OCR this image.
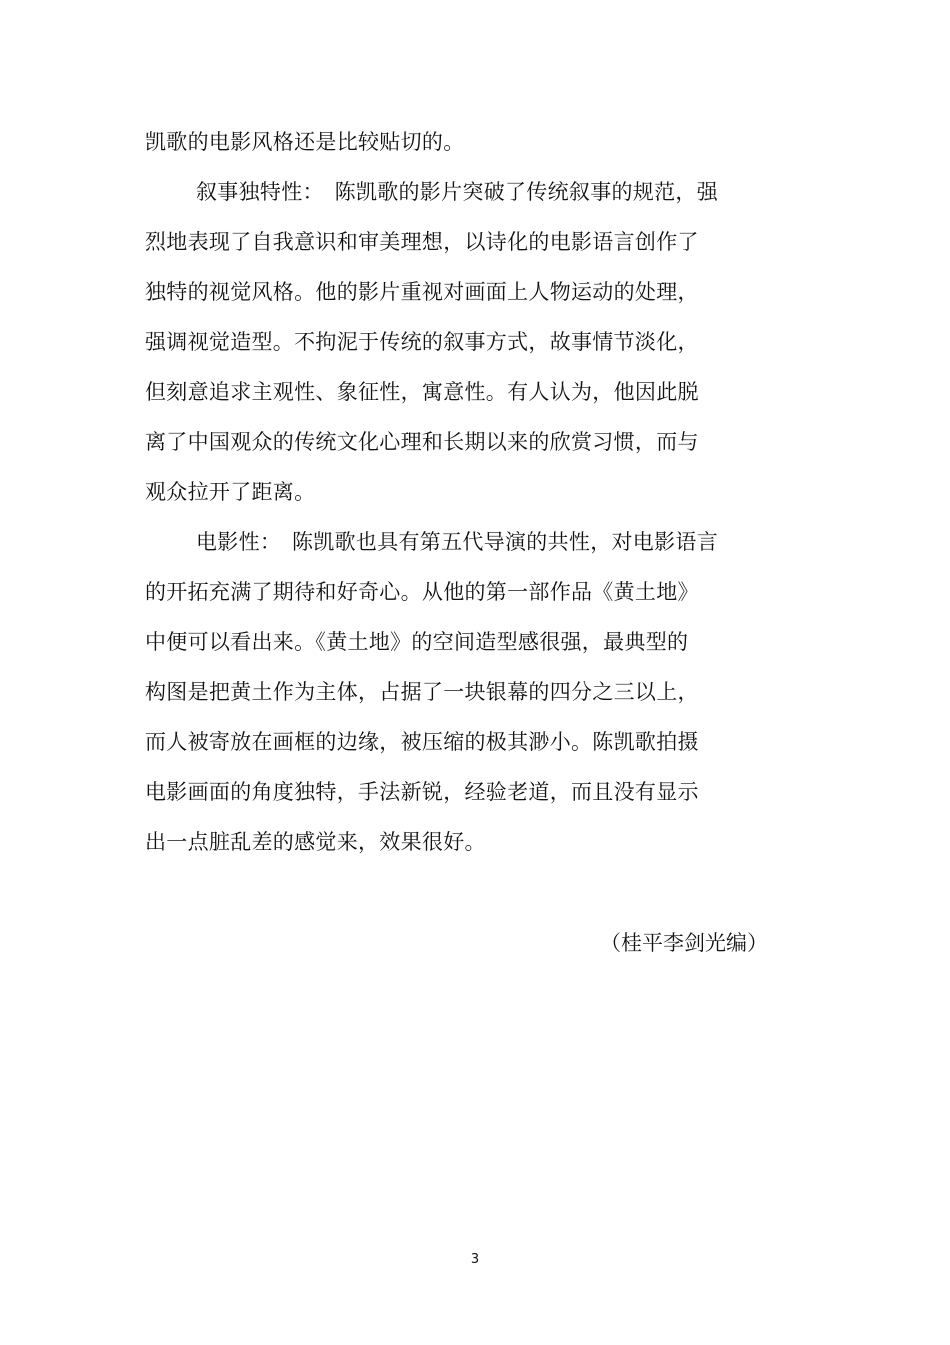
凯歌的电影风格还是比较贴切的。
叙事独特性：　陈凯歌的影片突破了传统叙事的规范，强
烈地表现了自我意识和审美理想，以诗化的电影语言创作了
独特的视觉风格。他的影片重视对画面上人物运动的处理，
强调视觉造型。不拘泥于传统的叙事方式，故事情节淡化，
但刻意追求主观性、象征性，寓意性。有人认为，他因此脱
离了中国观众的传统文化心理和长期以来的欣赏习惯，而与
观众拉开了距离。
电影性：　陈凯歌也具有第五代导演的共性，对电影语言
的开拓充满了期待和好奇心。从他的第一部作品《黄土地》
中便可以看出来。《黄土地》的空间造型感很强，最典型的
构图是把黄土作为主体，占据了一块银幕的四分之三以上，
而人被寄放在画框的边缘，被压缩的极其渺小。陈凯歌拍摄
电影画面的角度独特，手法新锐，经验老道，而且没有显示
出一点脏乱差的感觉来，效果很好。
（桂平李剑光编）
3
